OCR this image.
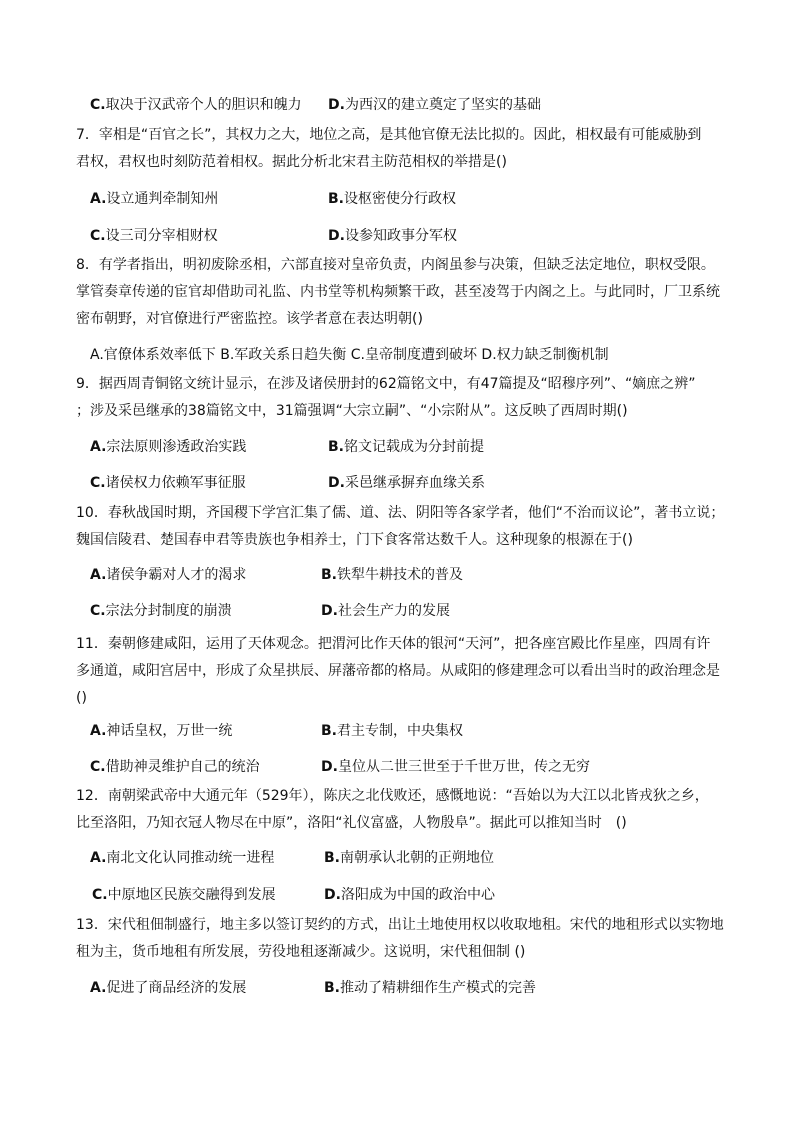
C.取决于汉武帝个人的胆识和魄力 D.为西汉的建立奠定了坚实的基础
7．宰相是“百官之长”，其权力之大，地位之高，是其他官僚无法比拟的。因此，相权最有可能威胁到
君权，君权也时刻防范着相权。据此分析北宋君主防范相权的举措是()
A.设立通判牵制知州	B.设枢密使分行政权
C.设三司分宰相财权	D.设参知政事分军权
8．有学者指出，明初废除丞相，六部直接对皇帝负责，内阁虽参与决策，但缺乏法定地位，职权受限。
掌管奏章传递的宦官却借助司礼监、内书堂等机构频繁干政，甚至凌驾于内阁之上。与此同时，厂卫系统
密布朝野，对官僚进行严密监控。该学者意在表达明朝()
A.官僚体系效率低下 B.军政关系日趋失衡 C.皇帝制度遭到破坏 D.权力缺乏制衡机制
9．据西周青铜铭文统计显示，在涉及诸侯册封的62篇铭文中，有47篇提及“昭穆序列”、“嫡庶之辨”
；涉及采邑继承的38篇铭文中，31篇强调“大宗立嗣”、“小宗附从”。这反映了西周时期()
A.宗法原则渗透政治实践	B.铭文记载成为分封前提
C.诸侯权力依赖军事征服	D.采邑继承摒弃血缘关系
10．春秋战国时期，齐国稷下学宫汇集了儒、道、法、阴阳等各家学者，他们“不治而议论”，著书立说；
魏国信陵君、楚国春申君等贵族也争相养士，门下食客常达数千人。这种现象的根源在于()
A.诸侯争霸对人才的渴求	B.铁犁牛耕技术的普及
C.宗法分封制度的崩溃	D.社会生产力的发展
11．秦朝修建咸阳，运用了天体观念。把渭河比作天体的银河“天河”，把各座宫殿比作星座，四周有许
多通道，咸阳宫居中，形成了众星拱辰、屏藩帝都的格局。从咸阳的修建理念可以看出当时的政治理念是
()
A.神话皇权，万世一统	B.君主专制，中央集权
C.借助神灵维护自己的统治	D.皇位从二世三世至于千世万世，传之无穷
12．南朝梁武帝中大通元年（529年），陈庆之北伐败还，感慨地说：“吾始以为大江以北皆戎狄之乡，
比至洛阳，乃知衣冠人物尽在中原”，洛阳“礼仪富盛，人物殷阜”。据此可以推知当时　()
A.南北文化认同推动统一进程	B.南朝承认北朝的正朔地位
C.中原地区民族交融得到发展	D.洛阳成为中国的政治中心
13．宋代租佃制盛行，地主多以签订契约的方式，出让土地使用权以收取地租。宋代的地租形式以实物地
租为主，货币地租有所发展，劳役地租逐渐减少。这说明，宋代租佃制 ()
A.促进了商品经济的发展	B.推动了精耕细作生产模式的完善
